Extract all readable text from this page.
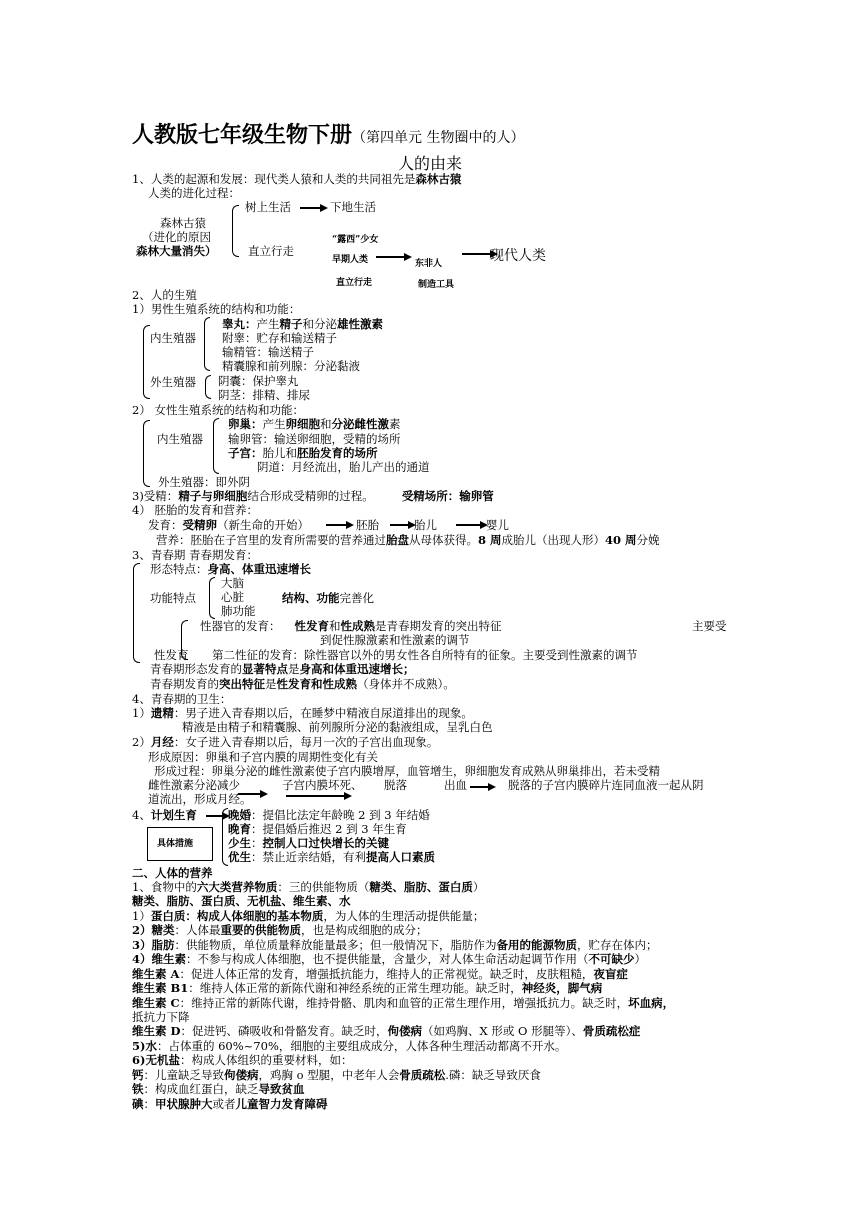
人教版七年级生物下册（第四单元 生物圈中的人）
人的由来
1、人类的起源和发展：现代类人猿和人类的共同祖先是森林古猿
人类的进化过程：
森林古猿
（进化的原因
森林大量消失）
树上生活	下地生活
直立行走
“露西”少女
早期人类	东非人	现代人类
直立行走	制造工具
2、人的生殖
1）男性生殖系统的结构和功能：
内生殖器
外生殖器
睾丸：产生精子和分泌雄性激素
附睾：贮存和输送精子
输精管：输送精子
精囊腺和前列腺：分泌黏液
阴囊：保护睾丸
阴茎：排精、排尿
2） 女性生殖系统的结构和功能：
内生殖器
卵巢：产生卵细胞和分泌雌性激素
输卵管：输送卵细胞，受精的场所
子宫：胎儿和胚胎发育的场所
阴道：月经流出，胎儿产出的通道
外生殖器：即外阴
3)受精：精子与卵细胞结合形成受精卵的过程。 受精场所：输卵管
4） 胚胎的发育和营养：
发育：受精卵（新生命的开始）	胚胎	胎儿	婴儿
营养：胚胎在子宫里的发育所需要的营养通过胎盘从母体获得。8 周成胎儿（出现人形）40 周分娩
3、青春期 青春期发育：
形态特点：身高、体重迅速增长
功能特点
大脑
心脏
肺功能
结构、功能完善化
性器官的发育： 性发育和性成熟是青春期发育的突出特征	主要受
到促性腺激素和性激素的调节
性发育 第二性征的发育：除性器官以外的男女性各自所特有的征象。主要受到性激素的调节
青春期形态发育的显著特点是身高和体重迅速增长；
青春期发育的突出特征是性发育和性成熟（身体并不成熟）。
4、青春期的卫生：
1）遗精：男子进入青春期以后，在睡梦中精液自尿道排出的现象。
精液是由精子和精囊腺、前列腺所分泌的黏液组成，呈乳白色
2）月经：女子进入青春期以后，每月一次的子宫出血现象。
形成原因：卵巢和子宫内膜的周期性变化有关
形成过程：卵巢分泌的雌性激素使子宫内膜增厚，血管增生，卵细胞发育成熟从卵巢排出，若未受精
雌性激素分泌减少	子宫内膜坏死、 脱落	出血	脱落的子宫内膜碎片连同血液一起从阴
道流出，形成月经。
4、计划生育
具体措施
晚婚：提倡比法定年龄晚 2 到 3 年结婚
晚育：提倡婚后推迟 2 到 3 年生育
少生：控制人口过快增长的关键
优生：禁止近亲结婚，有利提高人口素质
二、人体的营养
1、食物中的六大类营养物质：三的供能物质（糖类、脂肪、蛋白质）
糖类、脂肪、蛋白质、无机盐、维生素、水
1）蛋白质：构成人体细胞的基本物质，为人体的生理活动提供能量；
2）糖类：人体最重要的供能物质，也是构成细胞的成分；
3）脂肪：供能物质，单位质量释放能量最多；但一般情况下，脂肪作为备用的能源物质，贮存在体内；
4）维生素：不参与构成人体细胞，也不提供能量，含量少，对人体生命活动起调节作用（不可缺少）
维生素 A：促进人体正常的发育，增强抵抗能力，维持人的正常视觉。缺乏时，皮肤粗糙，夜盲症
维生素 B1：维持人体正常的新陈代谢和神经系统的正常生理功能。缺乏时，神经炎，脚气病
维生素 C：维持正常的新陈代谢，维持骨骼、肌肉和血管的正常生理作用，增强抵抗力。缺乏时，坏血病，
抵抗力下降
维生素 D：促进钙、磷吸收和骨骼发育。缺乏时，佝偻病（如鸡胸、X 形或 O 形腿等）、骨质疏松症
5)水：占体重的 60%~70%，细胞的主要组成成分，人体各种生理活动都离不开水。
6)无机盐：构成人体组织的重要材料，如：
钙：儿童缺乏导致佝偻病，鸡胸 o 型腿，中老年人会骨质疏松.磷：缺乏导致厌食
铁：构成血红蛋白，缺乏导致贫血
碘：甲状腺肿大或者儿童智力发育障碍
